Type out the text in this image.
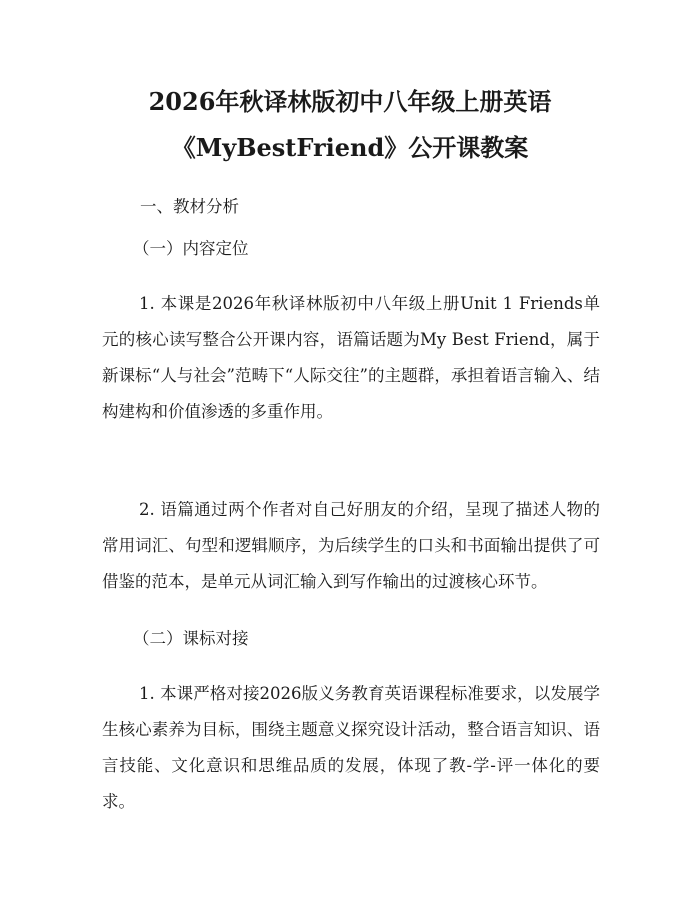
2026年秋译林版初中八年级上册英语
《MyBestFriend》公开课教案
一、教材分析
（一）内容定位
1. 本课是2026年秋译林版初中八年级上册Unit 1 Friends单元的核心读写整合公开课内容，语篇话题为My Best Friend，属于新课标“人与社会”范畴下“人际交往”的主题群，承担着语言输入、结构建构和价值渗透的多重作用。
2. 语篇通过两个作者对自己好朋友的介绍，呈现了描述人物的常用词汇、句型和逻辑顺序，为后续学生的口头和书面输出提供了可借鉴的范本，是单元从词汇输入到写作输出的过渡核心环节。
（二）课标对接
1. 本课严格对接2026版义务教育英语课程标准要求，以发展学生核心素养为目标，围绕主题意义探究设计活动，整合语言知识、语言技能、文化意识和思维品质的发展，体现了教-学-评一体化的要求。
